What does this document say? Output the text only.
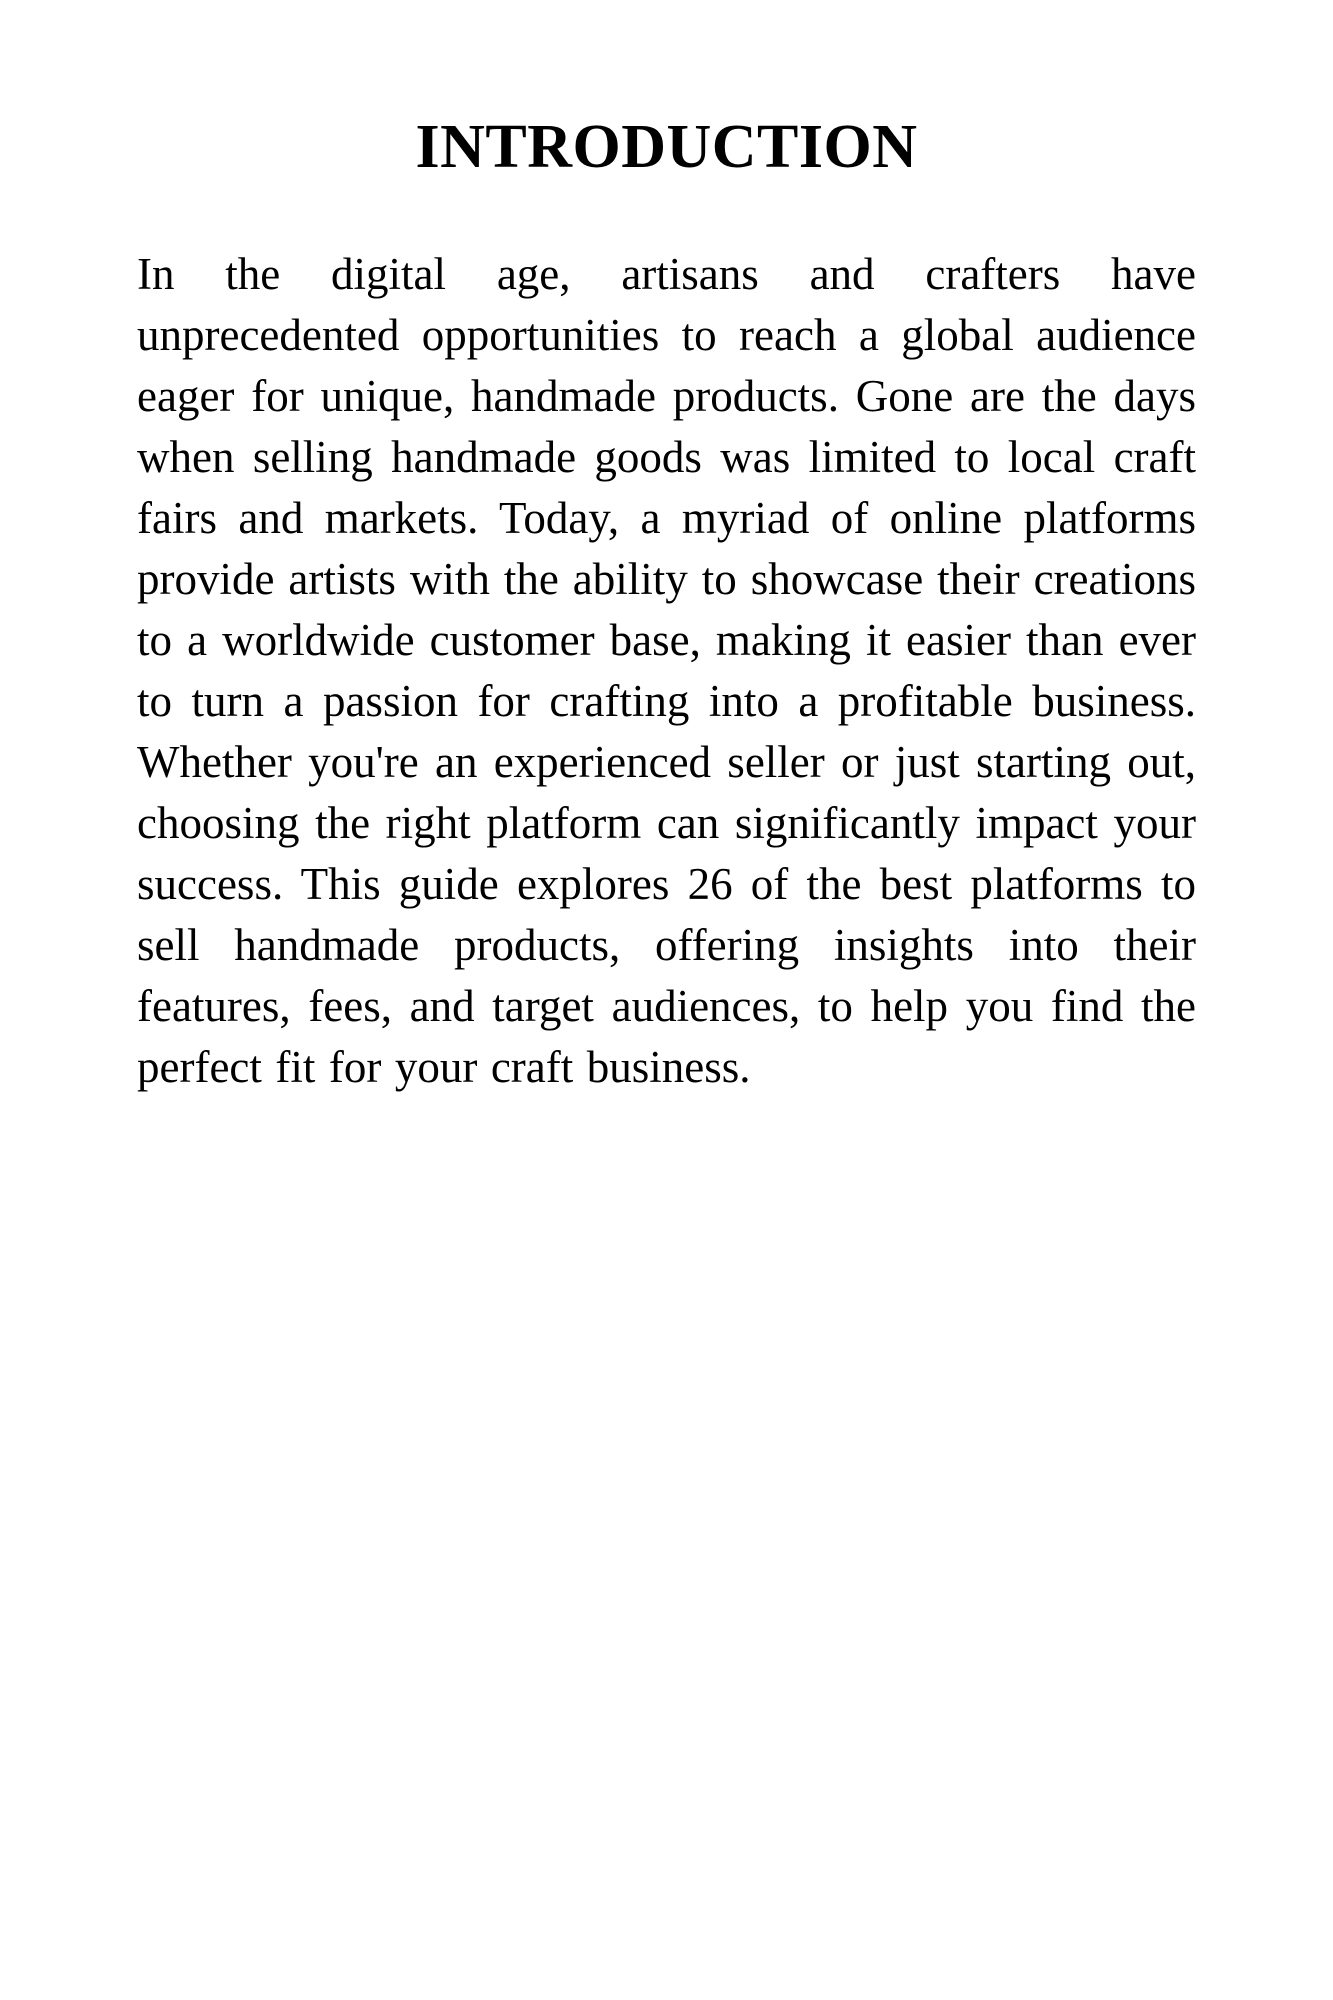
INTRODUCTION
In the digital age, artisans and crafters have
unprecedented opportunities to reach a global audience
eager for unique, handmade products. Gone are the days
when selling handmade goods was limited to local craft
fairs and markets. Today, a myriad of online platforms
provide artists with the ability to showcase their creations
to a worldwide customer base, making it easier than ever
to turn a passion for crafting into a profitable business.
Whether you're an experienced seller or just starting out,
choosing the right platform can significantly impact your
success. This guide explores 26 of the best platforms to
sell handmade products, offering insights into their
features, fees, and target audiences, to help you find the
perfect fit for your craft business.
